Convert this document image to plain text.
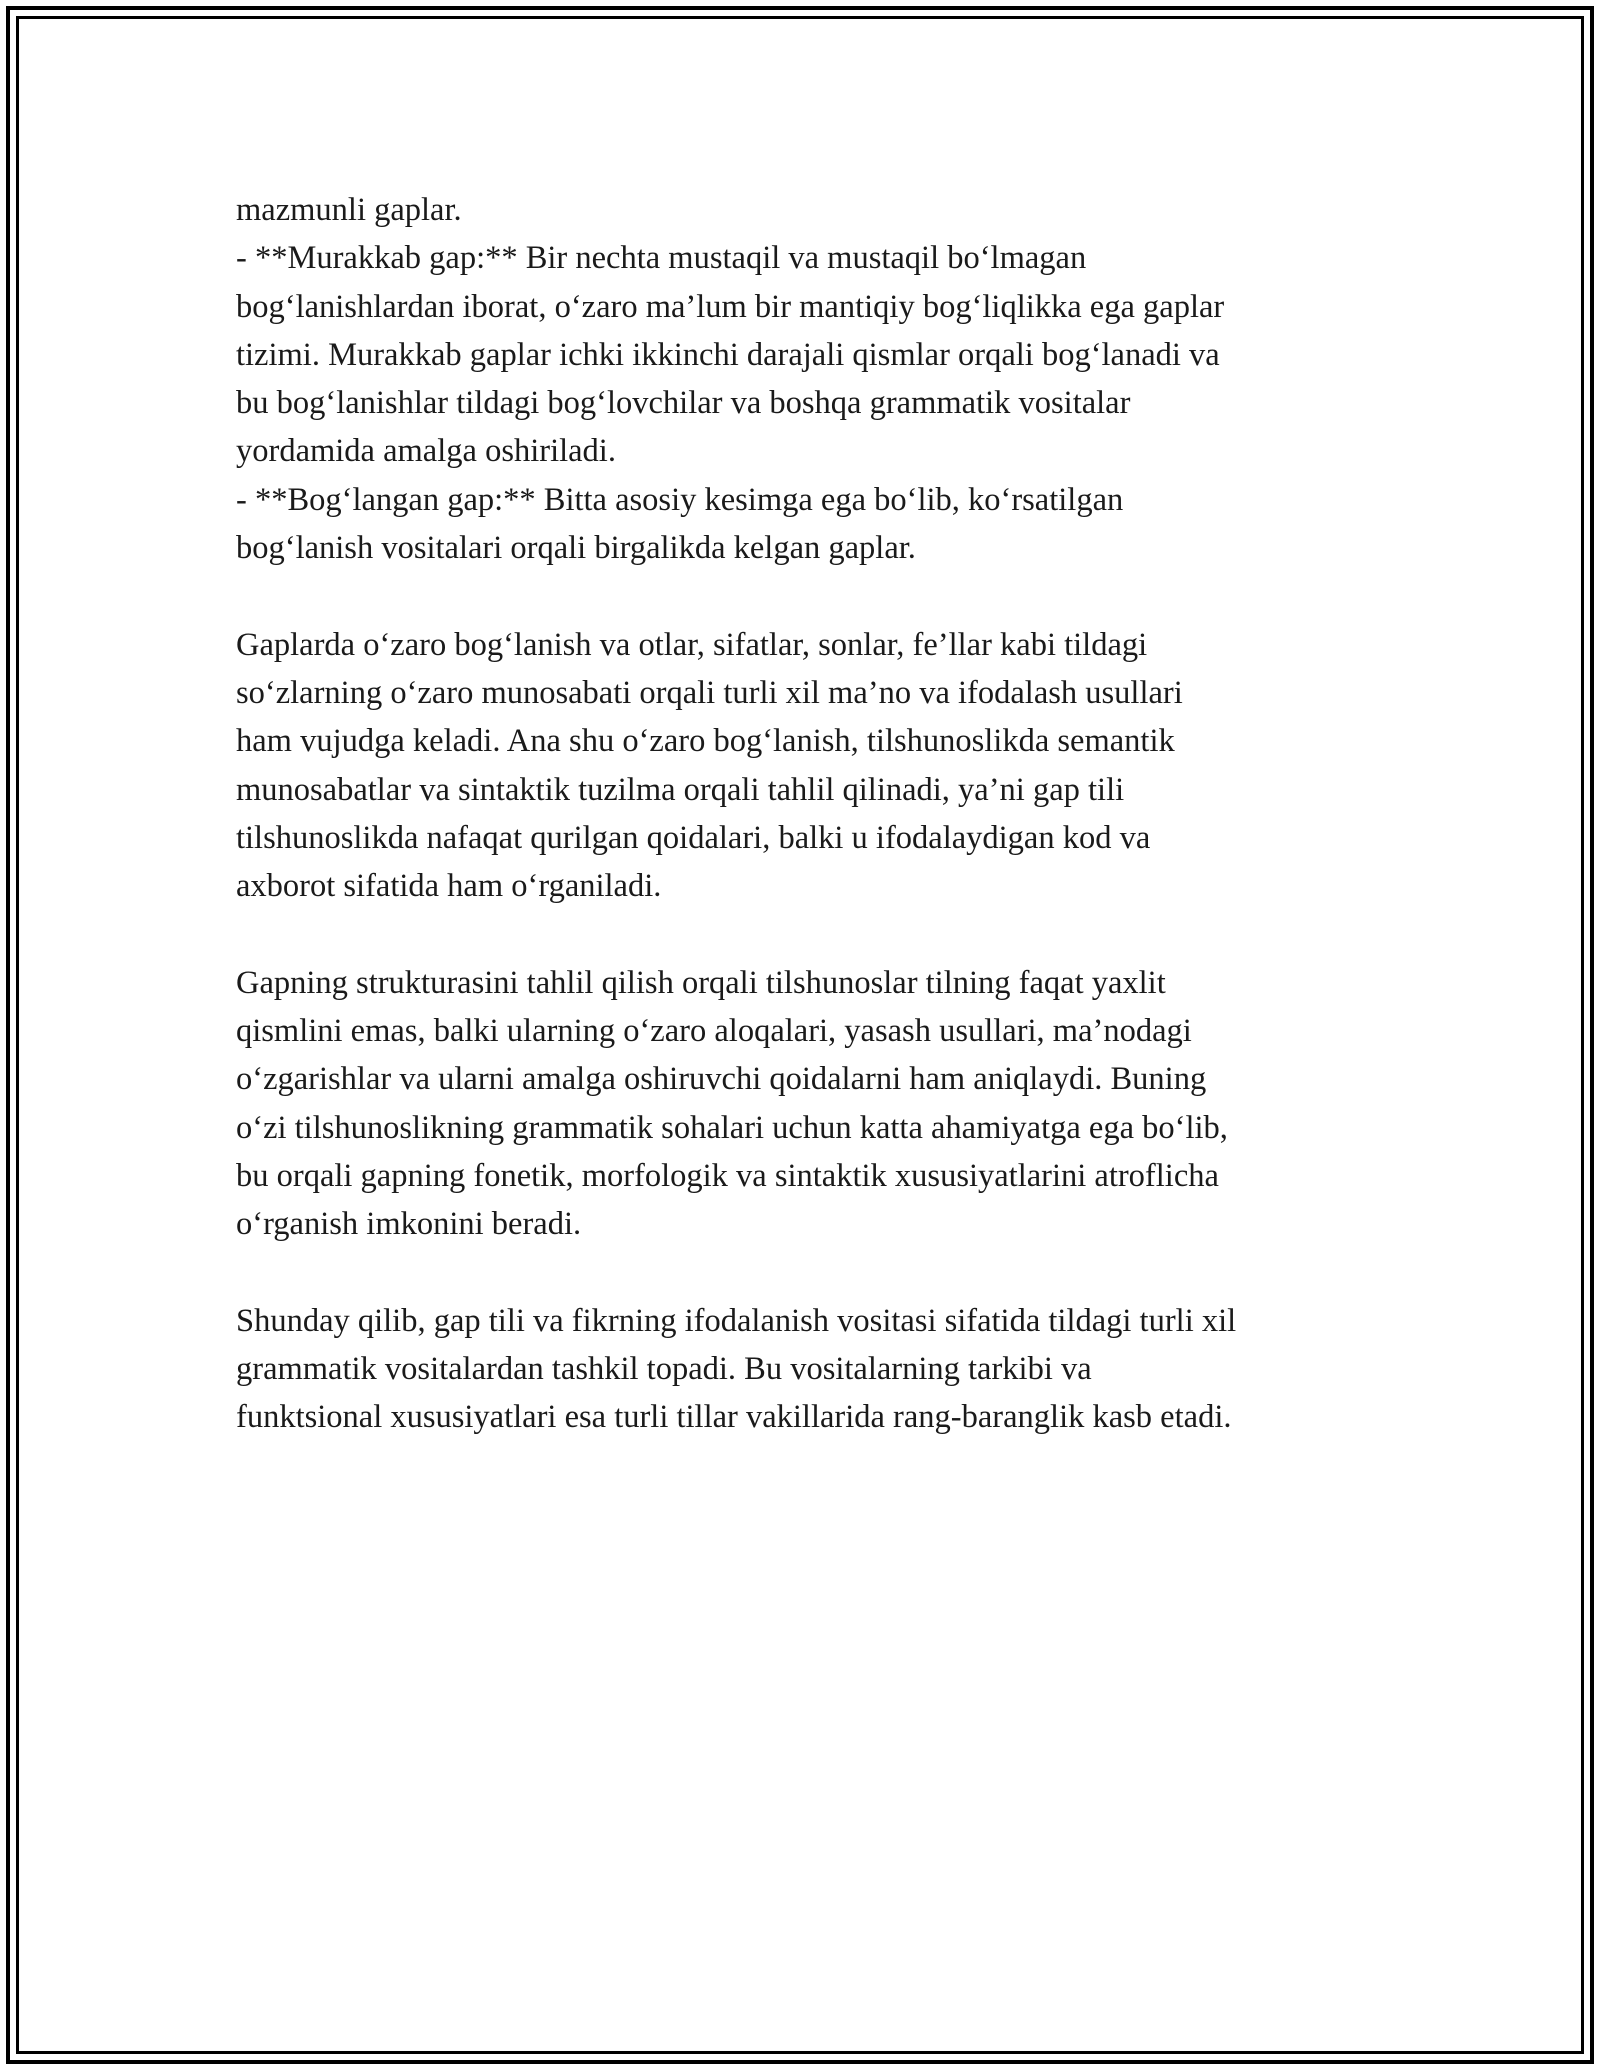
mazmunli gaplar.
- **Murakkab gap:** Bir nechta mustaqil va mustaqil bo‘lmagan
bog‘lanishlardan iborat, o‘zaro ma’lum bir mantiqiy bog‘liqlikka ega gaplar
tizimi. Murakkab gaplar ichki ikkinchi darajali qismlar orqali bog‘lanadi va
bu bog‘lanishlar tildagi bog‘lovchilar va boshqa grammatik vositalar
yordamida amalga oshiriladi.
- **Bog‘langan gap:** Bitta asosiy kesimga ega bo‘lib, ko‘rsatilgan
bog‘lanish vositalari orqali birgalikda kelgan gaplar.
Gaplarda o‘zaro bog‘lanish va otlar, sifatlar, sonlar, fe’llar kabi tildagi
so‘zlarning o‘zaro munosabati orqali turli xil ma’no va ifodalash usullari
ham vujudga keladi. Ana shu o‘zaro bog‘lanish, tilshunoslikda semantik
munosabatlar va sintaktik tuzilma orqali tahlil qilinadi, ya’ni gap tili
tilshunoslikda nafaqat qurilgan qoidalari, balki u ifodalaydigan kod va
axborot sifatida ham o‘rganiladi.
Gapning strukturasini tahlil qilish orqali tilshunoslar tilning faqat yaxlit
qismlini emas, balki ularning o‘zaro aloqalari, yasash usullari, ma’nodagi
o‘zgarishlar va ularni amalga oshiruvchi qoidalarni ham aniqlaydi. Buning
o‘zi tilshunoslikning grammatik sohalari uchun katta ahamiyatga ega bo‘lib,
bu orqali gapning fonetik, morfologik va sintaktik xususiyatlarini atroflicha
o‘rganish imkonini beradi.
Shunday qilib, gap tili va fikrning ifodalanish vositasi sifatida tildagi turli xil
grammatik vositalardan tashkil topadi. Bu vositalarning tarkibi va
funktsional xususiyatlari esa turli tillar vakillarida rang-baranglik kasb etadi.
